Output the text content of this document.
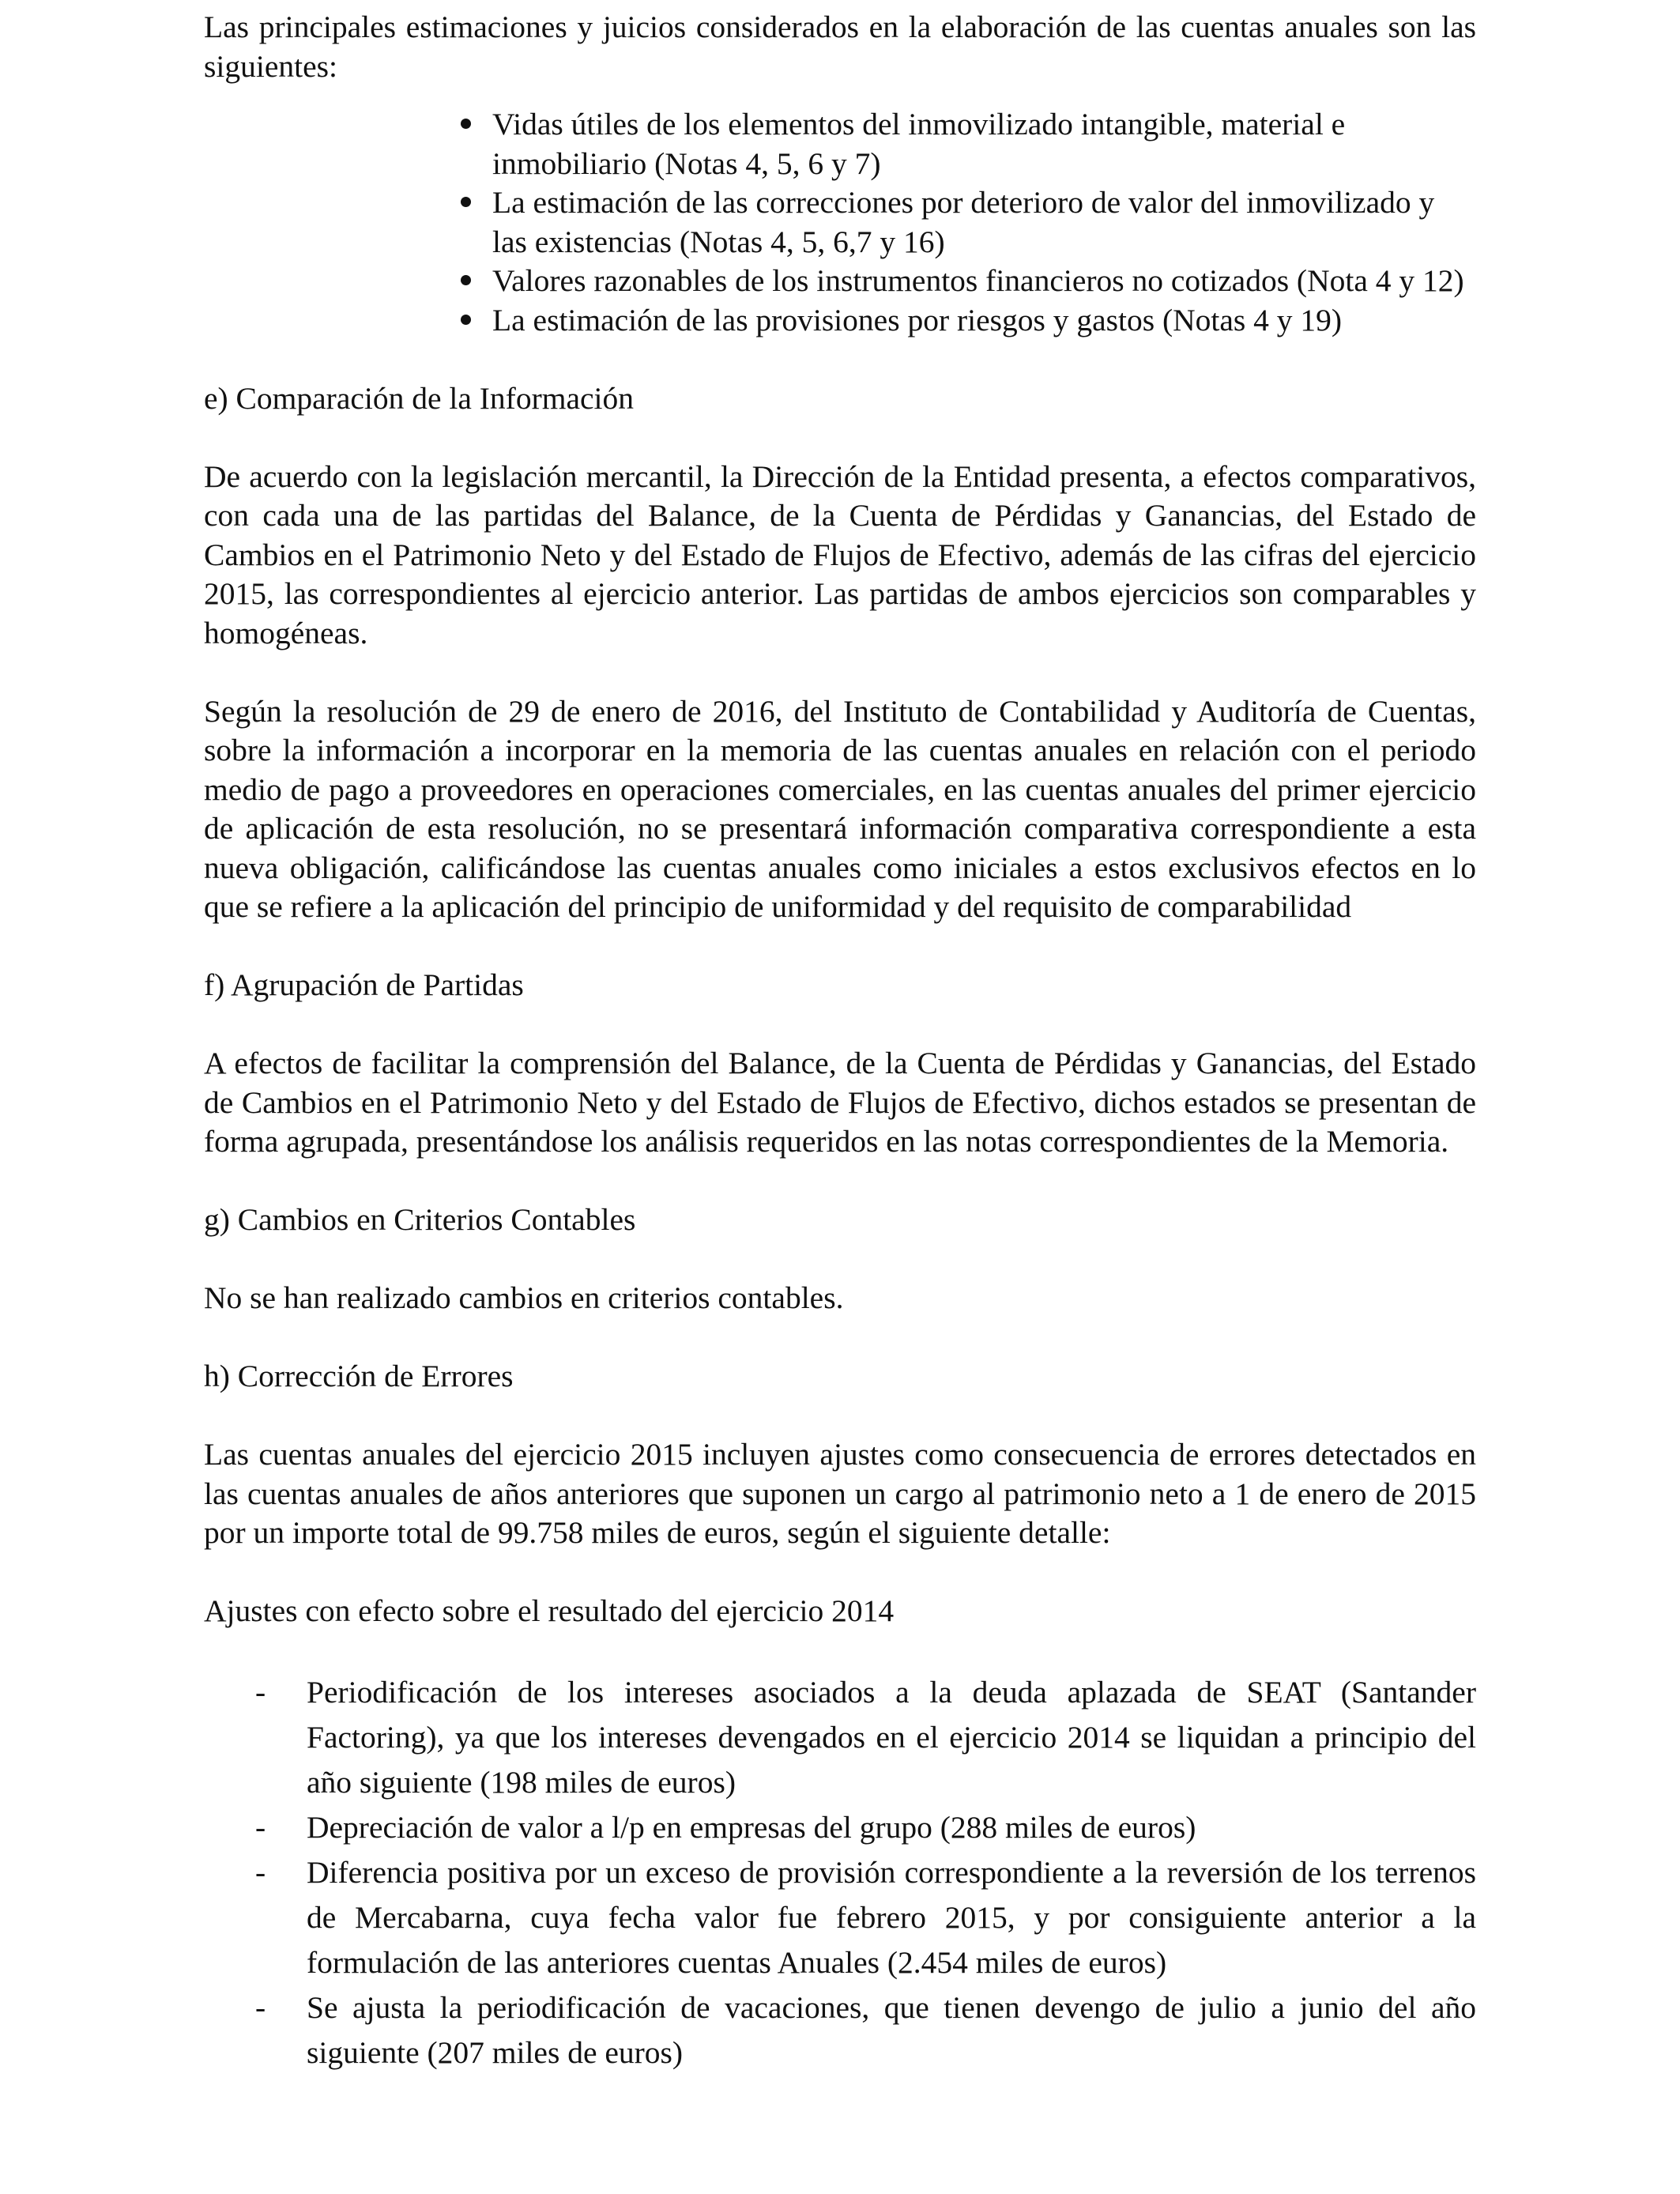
Las principales estimaciones y juicios considerados en la elaboración de las cuentas anuales son las siguientes:

Vidas útiles de los elementos del inmovilizado intangible, material e inmobiliario (Notas 4, 5, 6 y 7)
La estimación de las correcciones por deterioro de valor del inmovilizado y las existencias (Notas 4, 5, 6,7 y 16)
Valores razonables de los instrumentos financieros no cotizados (Nota 4 y 12)
La estimación de las provisiones por riesgos y gastos (Notas 4 y 19)

e) Comparación de la Información

De acuerdo con la legislación mercantil, la Dirección de la Entidad presenta, a efectos comparativos, con cada una de las partidas del Balance, de la Cuenta de Pérdidas y Ganancias, del Estado de Cambios en el Patrimonio Neto y del Estado de Flujos de Efectivo, además de las cifras del ejercicio 2015, las correspondientes al ejercicio anterior. Las partidas de ambos ejercicios son comparables y homogéneas.

Según la resolución de 29 de enero de 2016, del Instituto de Contabilidad y Auditoría de Cuentas, sobre la información a incorporar en la memoria de las cuentas anuales en relación con el periodo medio de pago a proveedores en operaciones comerciales, en las cuentas anuales del primer ejercicio de aplicación de esta resolución, no se presentará información comparativa correspondiente a esta nueva obligación, calificándose las cuentas anuales como iniciales a estos exclusivos efectos en lo que se refiere a la aplicación del principio de uniformidad y del requisito de comparabilidad

f) Agrupación de Partidas

A efectos de facilitar la comprensión del Balance, de la Cuenta de Pérdidas y Ganancias, del Estado de Cambios en el Patrimonio Neto y del Estado de Flujos de Efectivo, dichos estados se presentan de forma agrupada, presentándose los análisis requeridos en las notas correspondientes de la Memoria.

g) Cambios en Criterios Contables

No se han realizado cambios en criterios contables.

h) Corrección de Errores

Las cuentas anuales del ejercicio 2015 incluyen ajustes como consecuencia de errores detectados en las cuentas anuales de años anteriores que suponen un cargo al patrimonio neto a 1 de enero de 2015 por un importe total de 99.758 miles de euros, según el siguiente detalle:

Ajustes con efecto sobre el resultado del ejercicio 2014

- Periodificación de los intereses asociados a la deuda aplazada de SEAT (Santander Factoring), ya que los intereses devengados en el ejercicio 2014 se liquidan a principio del año siguiente (198 miles de euros)
- Depreciación de valor a l/p en empresas del grupo (288 miles de euros)
- Diferencia positiva por un exceso de provisión correspondiente a la reversión de los terrenos de Mercabarna, cuya fecha valor fue febrero 2015, y por consiguiente anterior a la formulación de las anteriores cuentas Anuales (2.454 miles de euros)
- Se ajusta la periodificación de vacaciones, que tienen devengo de julio a junio del año siguiente (207 miles de euros)
